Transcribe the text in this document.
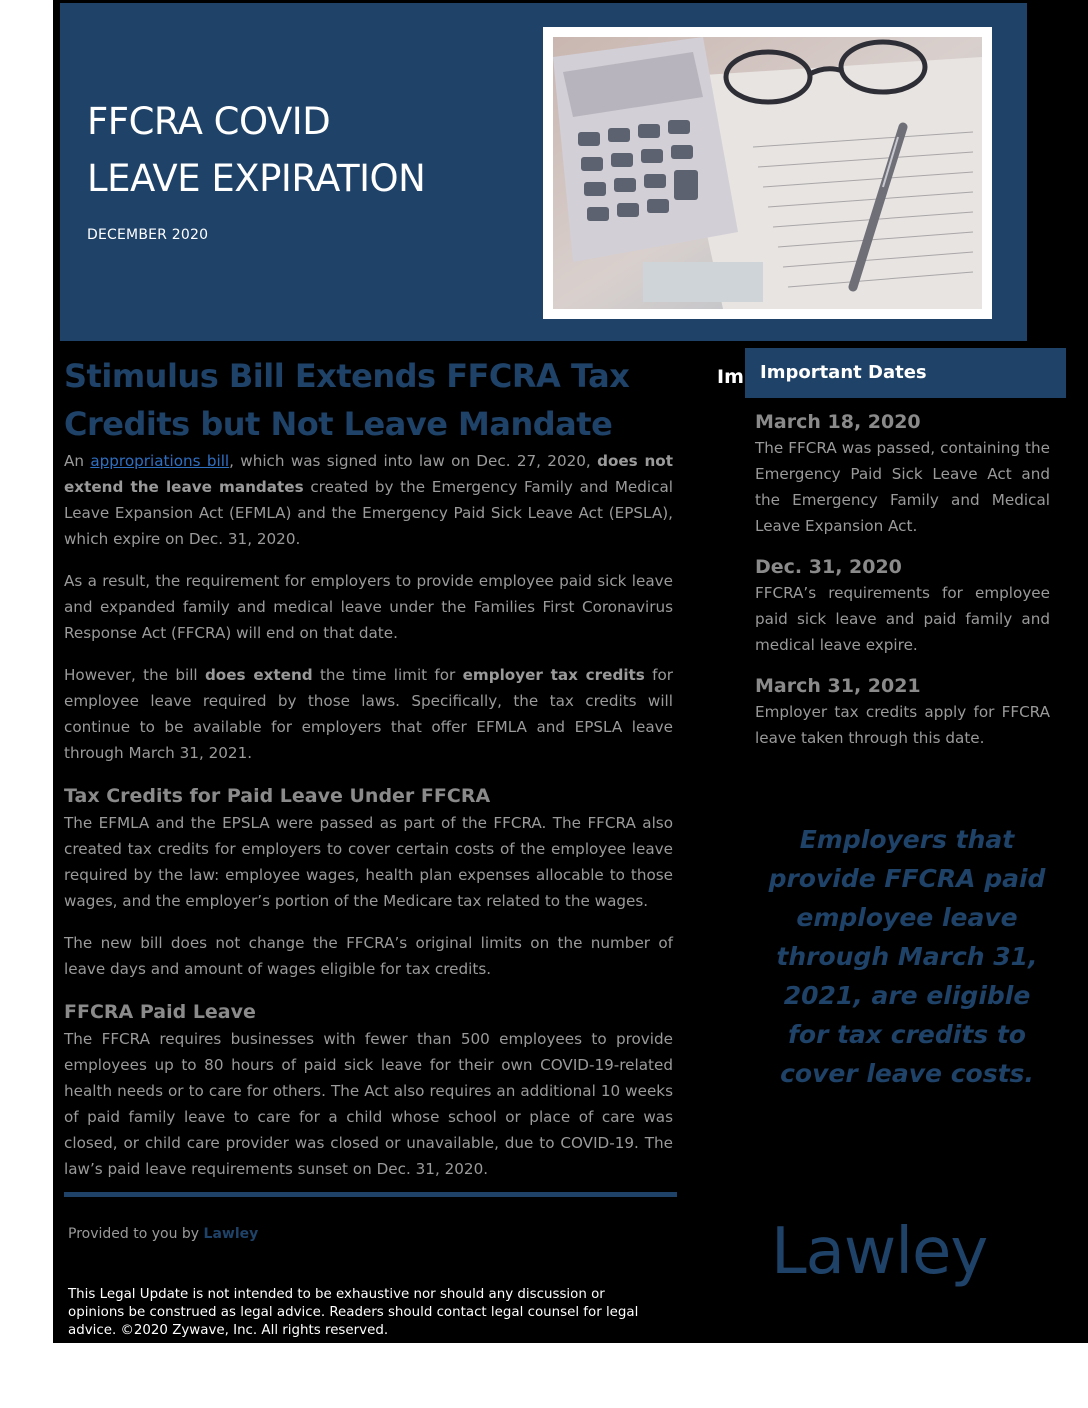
FFCRA COVID
LEAVE EXPIRATION

DECEMBER 2020

Stimulus Bill Extends FFCRA Tax
Credits but Not Leave Mandate

An appropriations bill, which was signed into law on Dec. 27, 2020, does not extend the leave mandates created by the Emergency Family and Medical Leave Expansion Act (EFMLA) and the Emergency Paid Sick Leave Act (EPSLA), which expire on Dec. 31, 2020.

As a result, the requirement for employers to provide employee paid sick leave and expanded family and medical leave under the Families First Coronavirus Response Act (FFCRA) will end on that date.

However, the bill does extend the time limit for employer tax credits for employee leave required by those laws. Specifically, the tax credits will continue to be available for employers that offer EFMLA and EPSLA leave through March 31, 2021.

Tax Credits for Paid Leave Under FFCRA

The EFMLA and the EPSLA were passed as part of the FFCRA. The FFCRA also created tax credits for employers to cover certain costs of the employee leave required by the law: employee wages, health plan expenses allocable to those wages, and the employer’s portion of the Medicare tax related to the wages.

The new bill does not change the FFCRA’s original limits on the number of leave days and amount of wages eligible for tax credits.

FFCRA Paid Leave

The FFCRA requires businesses with fewer than 500 employees to provide employees up to 80 hours of paid sick leave for their own COVID-19-related health needs or to care for others. The Act also requires an additional 10 weeks of paid family leave to care for a child whose school or place of care was closed, or child care provider was closed or unavailable, due to COVID-19. The law’s paid leave requirements sunset on Dec. 31, 2020.

Provided to you by Lawley

This Legal Update is not intended to be exhaustive nor should any discussion or opinions be construed as legal advice. Readers should contact legal counsel for legal advice. ©2020 Zywave, Inc. All rights reserved.

Im Important Dates
March 18, 2020
The FFCRA was passed, containing the Emergency Paid Sick Leave Act and the Emergency Family and Medical Leave Expansion Act.
Dec. 31, 2020
FFCRA’s requirements for employee paid sick leave and paid family and medical leave expire.
March 31, 2021
Employer tax credits apply for FFCRA leave taken through this date.

Employers that provide FFCRA paid employee leave through March 31, 2021, are eligible for tax credits to cover leave costs.

Lawley
